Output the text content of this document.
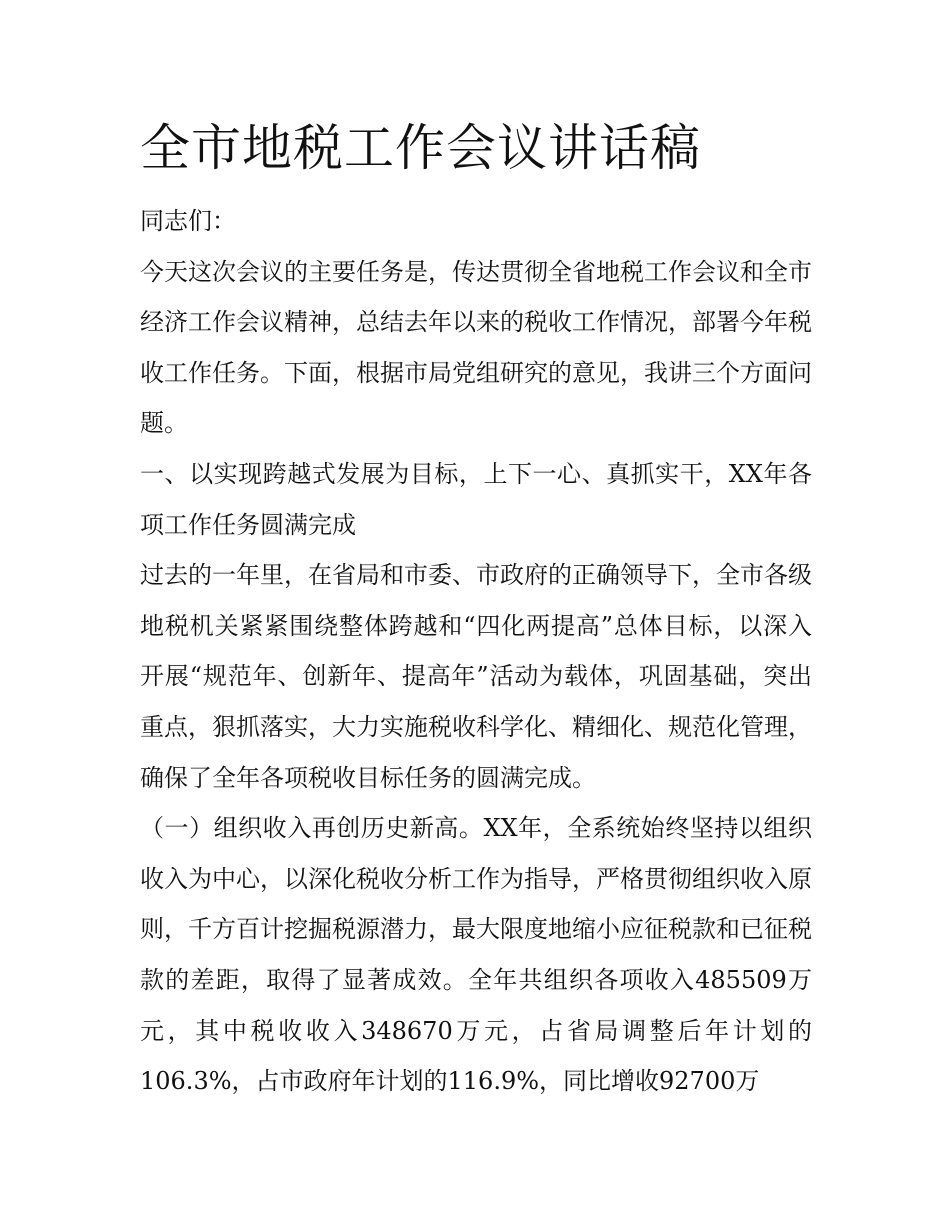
全市地税工作会议讲话稿

同志们：

今天这次会议的主要任务是，传达贯彻全省地税工作会议和全市经济工作会议精神，总结去年以来的税收工作情况，部署今年税收工作任务。下面，根据市局党组研究的意见，我讲三个方面问题。

一、以实现跨越式发展为目标，上下一心、真抓实干，XX年各项工作任务圆满完成

过去的一年里，在省局和市委、市政府的正确领导下，全市各级地税机关紧紧围绕整体跨越和“四化两提高”总体目标，以深入开展“规范年、创新年、提高年”活动为载体，巩固基础，突出重点，狠抓落实，大力实施税收科学化、精细化、规范化管理，确保了全年各项税收目标任务的圆满完成。

（一）组织收入再创历史新高。XX年，全系统始终坚持以组织收入为中心，以深化税收分析工作为指导，严格贯彻组织收入原则，千方百计挖掘税源潜力，最大限度地缩小应征税款和已征税款的差距，取得了显著成效。全年共组织各项收入485509万元，其中税收收入348670万元，占省局调整后年计划的106.3%，占市政府年计划的116.9%，同比增收92700万
